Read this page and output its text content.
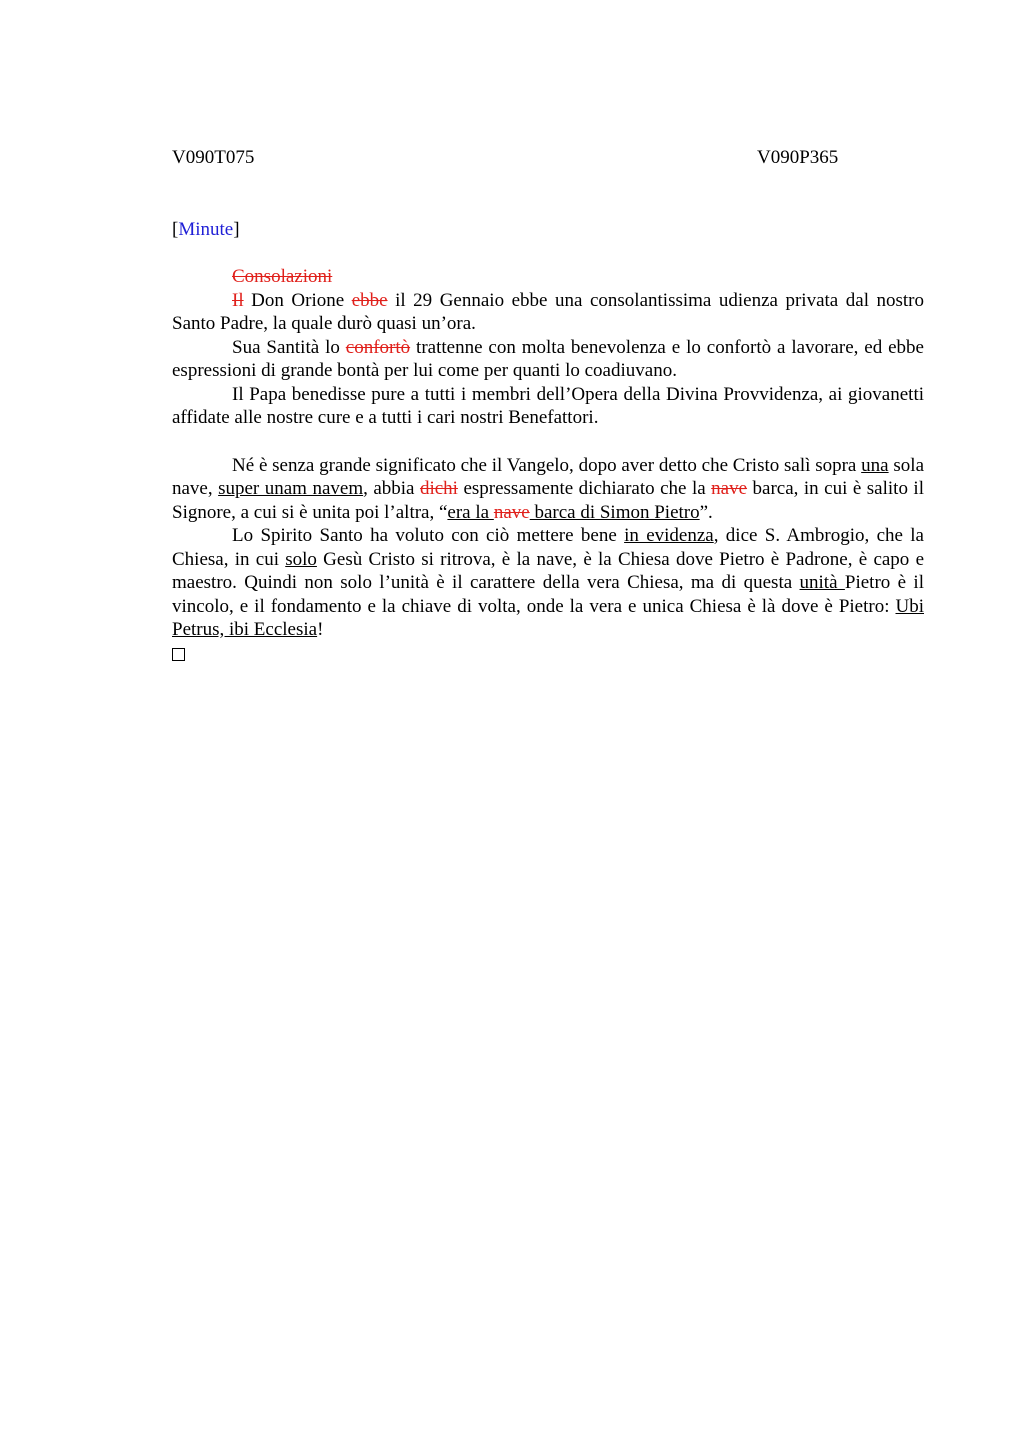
V090T075	V090P365
[Minute]

Consolazioni

Il Don Orione ebbe il 29 Gennaio ebbe una consolantissima udienza privata dal nostro Santo Padre, la quale durò quasi un’ora.

Sua Santità lo confortò trattenne con molta benevolenza e lo confortò a lavorare, ed ebbe espressioni di grande bontà per lui come per quanti lo coadiuvano.

Il Papa benedisse pure a tutti i membri dell’Opera della Divina Provvidenza, ai giovanetti affidate alle nostre cure e a tutti i cari nostri Benefattori.

Né è senza grande significato che il Vangelo, dopo aver detto che Cristo salì sopra una sola nave, super unam navem, abbia dichi espressamente dichiarato che la nave barca, in cui è salito il Signore, a cui si è unita poi l’altra, “era la nave barca di Simon Pietro”.

Lo Spirito Santo ha voluto con ciò mettere bene in evidenza, dice S. Ambrogio, che la Chiesa, in cui solo Gesù Cristo si ritrova, è la nave, è la Chiesa dove Pietro è Padrone, è capo e maestro. Quindi non solo l’unità è il carattere della vera Chiesa, ma di questa unità Pietro è il vincolo, e il fondamento e la chiave di volta, onde la vera e unica Chiesa è là dove è Pietro: Ubi Petrus, ibi Ecclesia!
